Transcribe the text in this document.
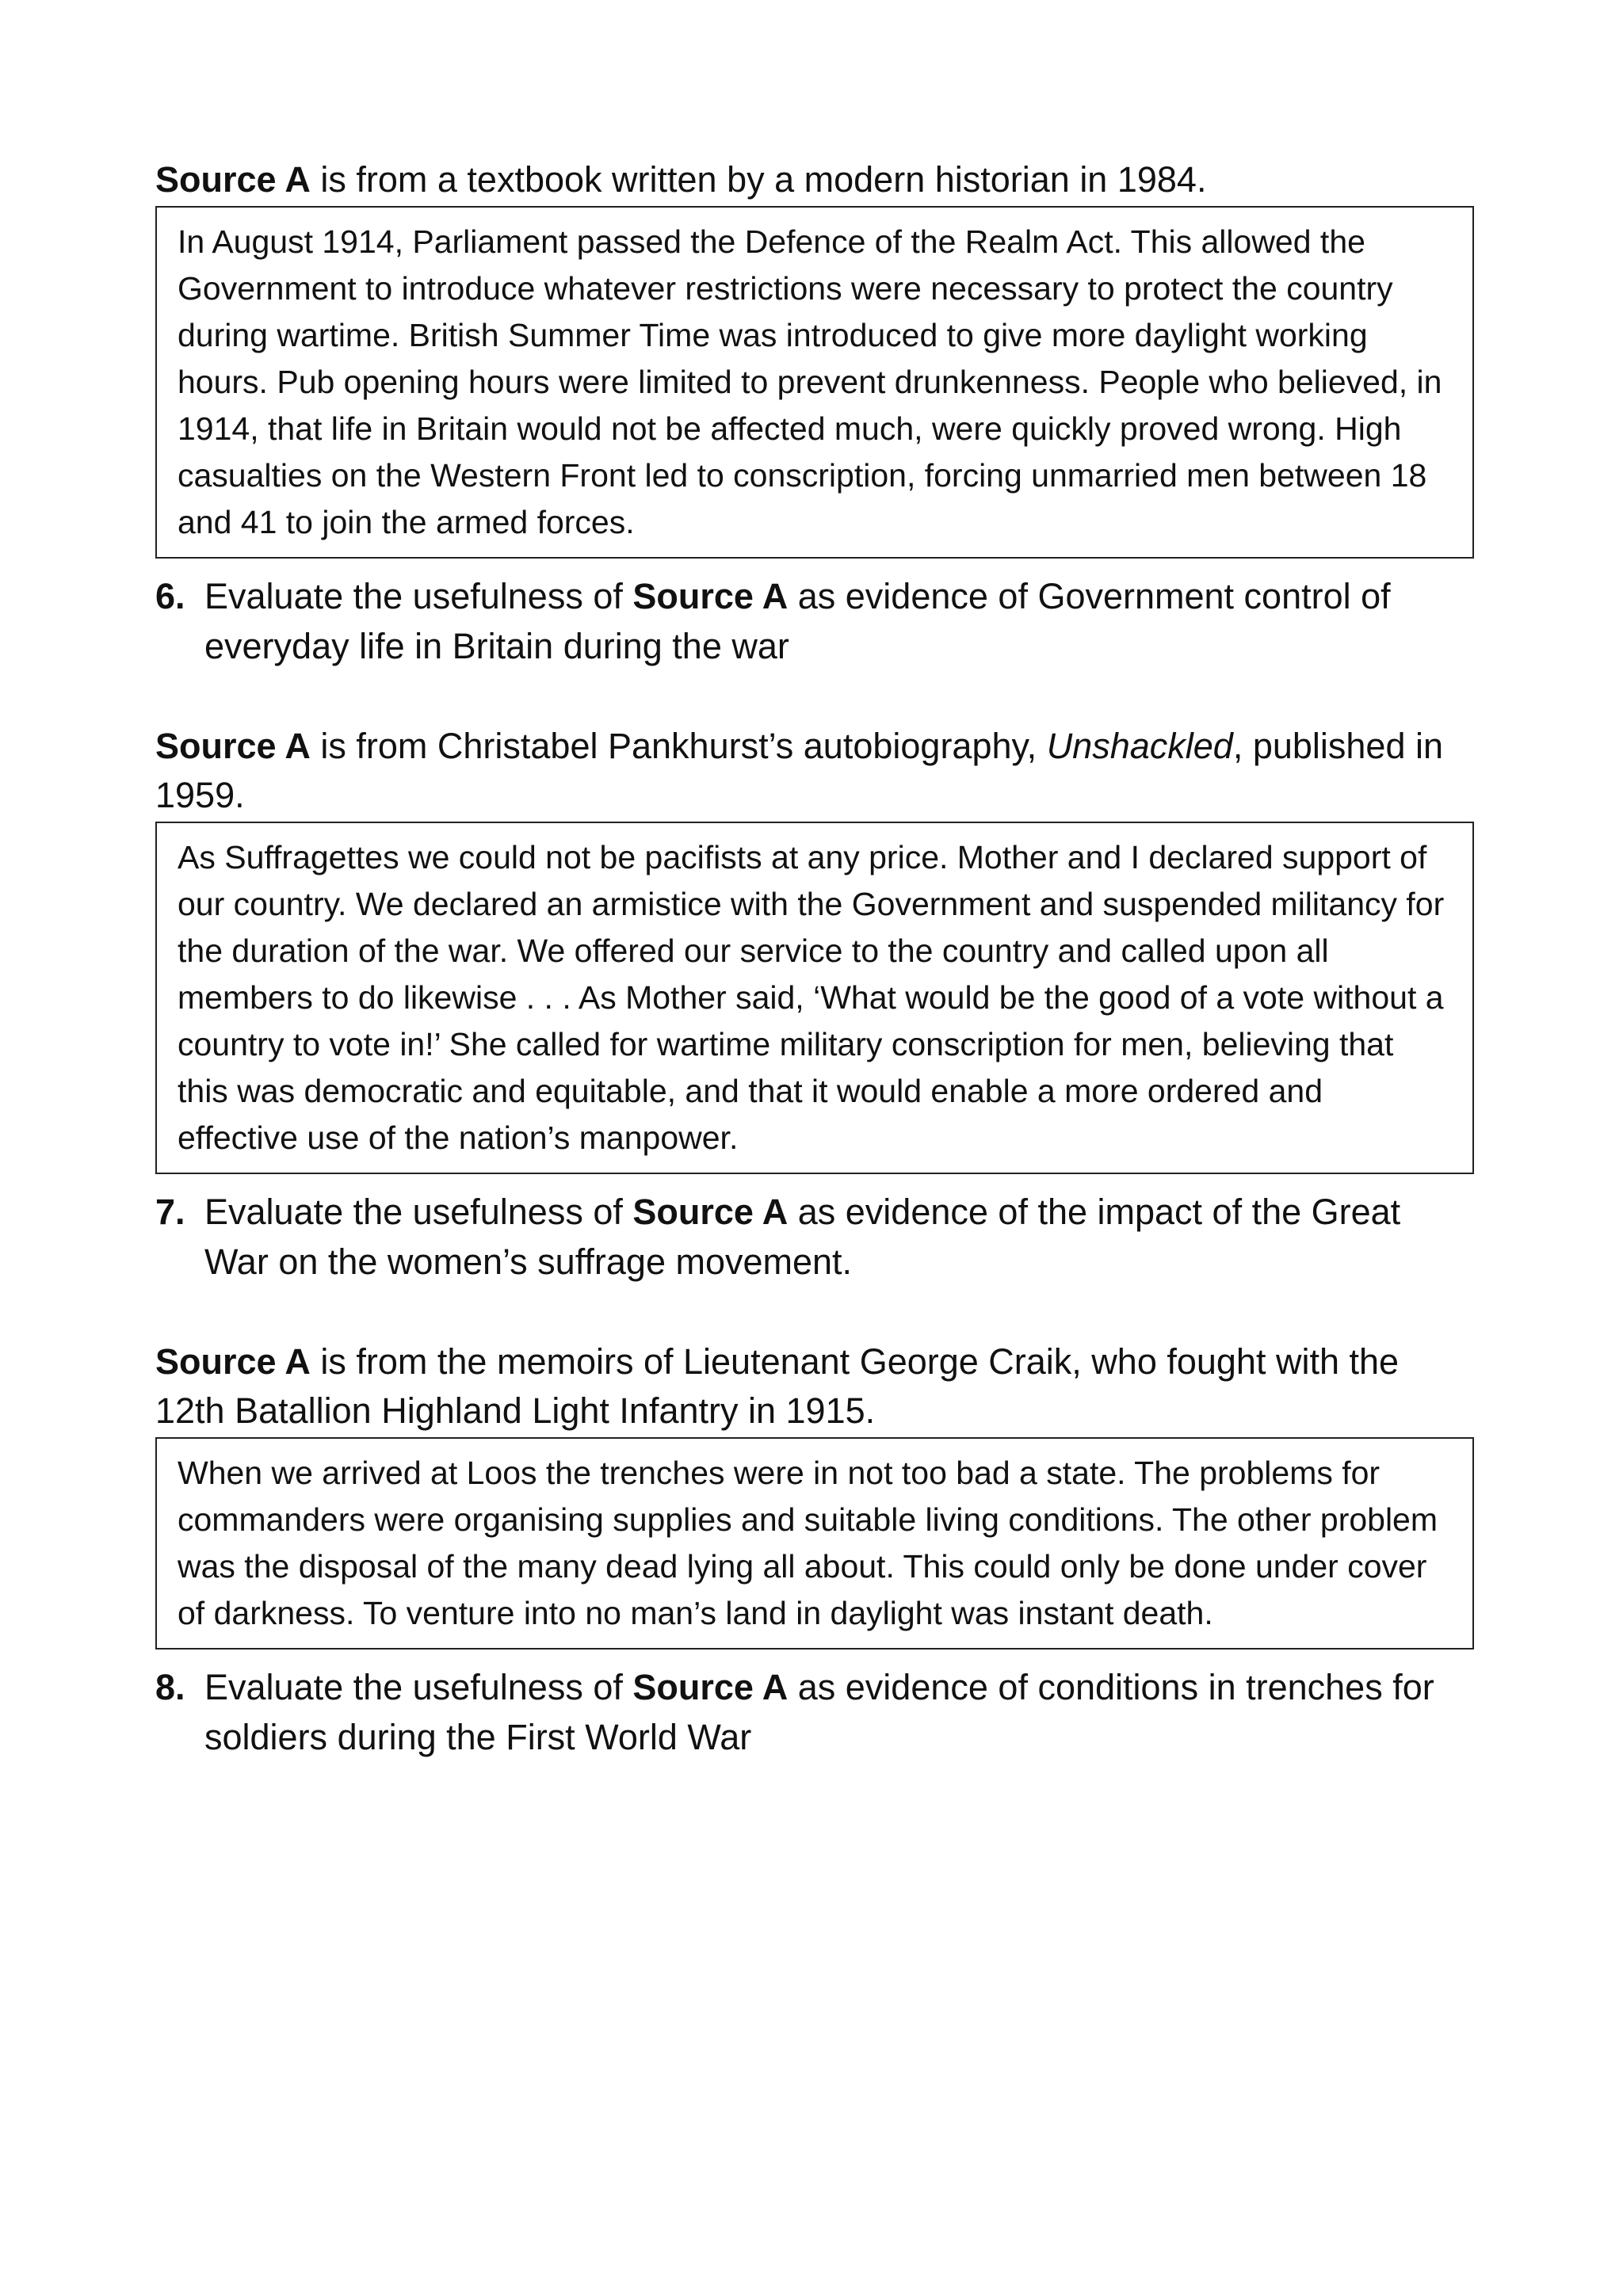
Source A is from a textbook written by a modern historian in 1984.

In August 1914, Parliament passed the Defence of the Realm Act. This allowed the Government to introduce whatever restrictions were necessary to protect the country during wartime. British Summer Time was introduced to give more daylight working hours. Pub opening hours were limited to prevent drunkenness. People who believed, in 1914, that life in Britain would not be affected much, were quickly proved wrong. High casualties on the Western Front led to conscription, forcing unmarried men between 18 and 41 to join the armed forces.
6. Evaluate the usefulness of Source A as evidence of Government control of everyday life in Britain during the war

Source A is from Christabel Pankhurst’s autobiography, Unshackled, published in 1959.

As Suffragettes we could not be pacifists at any price. Mother and I declared support of our country. We declared an armistice with the Government and suspended militancy for the duration of the war. We offered our service to the country and called upon all members to do likewise . . . As Mother said, ‘What would be the good of a vote without a country to vote in!’ She called for wartime military conscription for men, believing that this was democratic and equitable, and that it would enable a more ordered and effective use of the nation’s manpower.
7. Evaluate the usefulness of Source A as evidence of the impact of the Great War on the women’s suffrage movement.

Source A is from the memoirs of Lieutenant George Craik, who fought with the 12th Batallion Highland Light Infantry in 1915.

When we arrived at Loos the trenches were in not too bad a state. The problems for commanders were organising supplies and suitable living conditions. The other problem was the disposal of the many dead lying all about. This could only be done under cover of darkness. To venture into no man’s land in daylight was instant death.
8. Evaluate the usefulness of Source A as evidence of conditions in trenches for soldiers during the First World War
